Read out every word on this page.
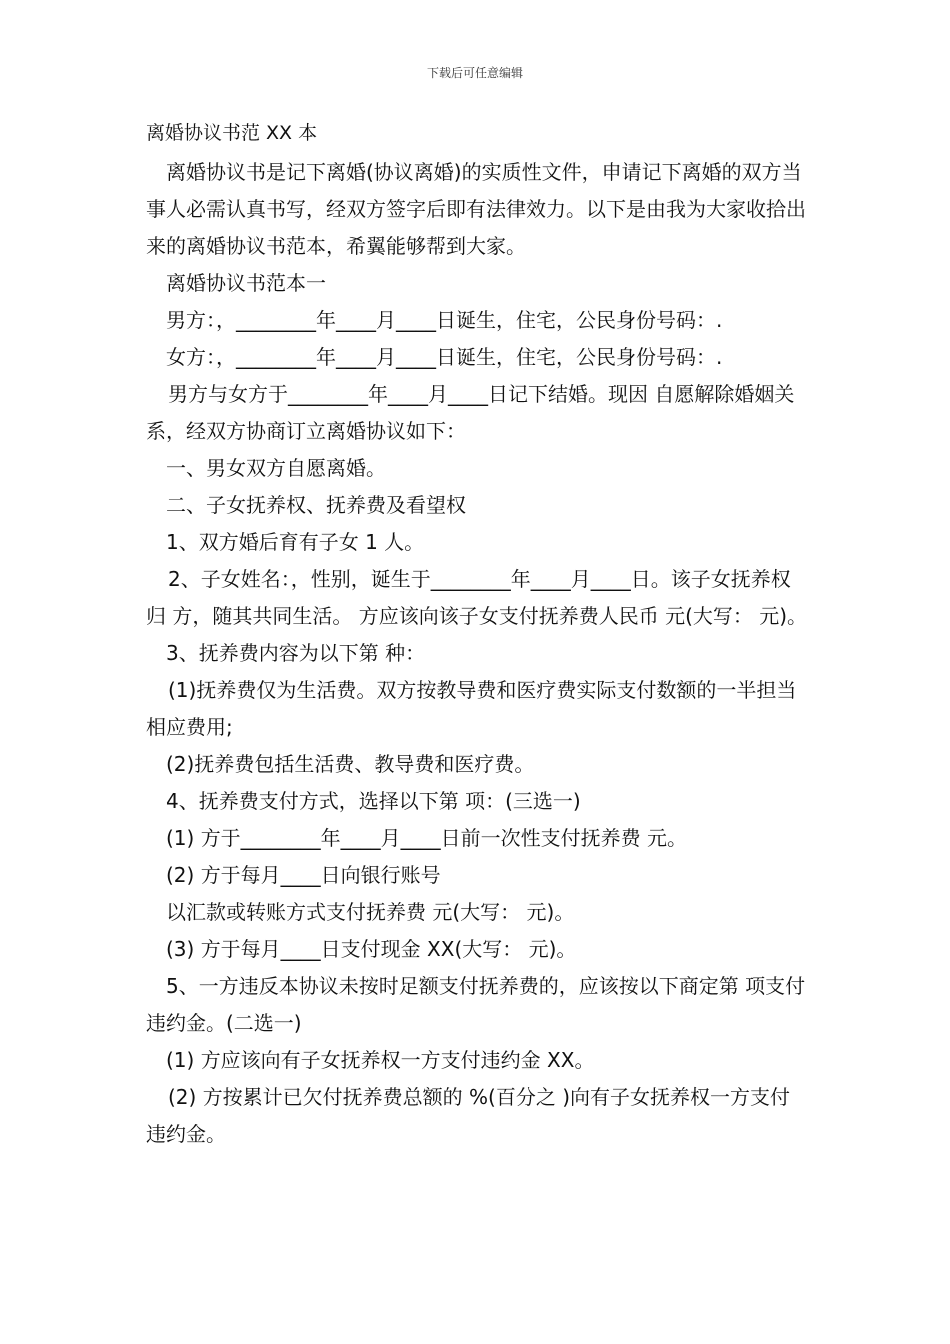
下载后可任意编辑
离婚协议书范 XX 本

离婚协议书是记下离婚(协议离婚)的实质性文件，申请记下离婚的双方当事人必需认真书写，经双方签字后即有法律效力。以下是由我为大家收拾出来的离婚协议书范本，希翼能够帮到大家。

离婚协议书范本一

男方：，________年____月____日诞生，住宅，公民身份号码：.

女方：，________年____月____日诞生，住宅，公民身份号码：.

男方与女方于________年____月____日记下结婚。现因 自愿解除婚姻关系，经双方协商订立离婚协议如下：

一、男女双方自愿离婚。

二、子女抚养权、抚养费及看望权

1、双方婚后育有子女 1 人。

2、子女姓名：，性别，诞生于________年____月____日。该子女抚养权归 方，随其共同生活。 方应该向该子女支付抚养费人民币 元(大写： 元)。

3、抚养费内容为以下第 种：

(1)抚养费仅为生活费。双方按教导费和医疗费实际支付数额的一半担当相应费用;

(2)抚养费包括生活费、教导费和医疗费。

4、抚养费支付方式，选择以下第 项：(三选一)

(1) 方于________年____月____日前一次性支付抚养费 元。

(2) 方于每月____日向银行账号

以汇款或转账方式支付抚养费 元(大写： 元)。

(3) 方于每月____日支付现金 XX(大写： 元)。

5、一方违反本协议未按时足额支付抚养费的，应该按以下商定第 项支付违约金。(二选一)

(1) 方应该向有子女抚养权一方支付违约金 XX。

(2) 方按累计已欠付抚养费总额的 %(百分之 )向有子女抚养权一方支付违约金。
